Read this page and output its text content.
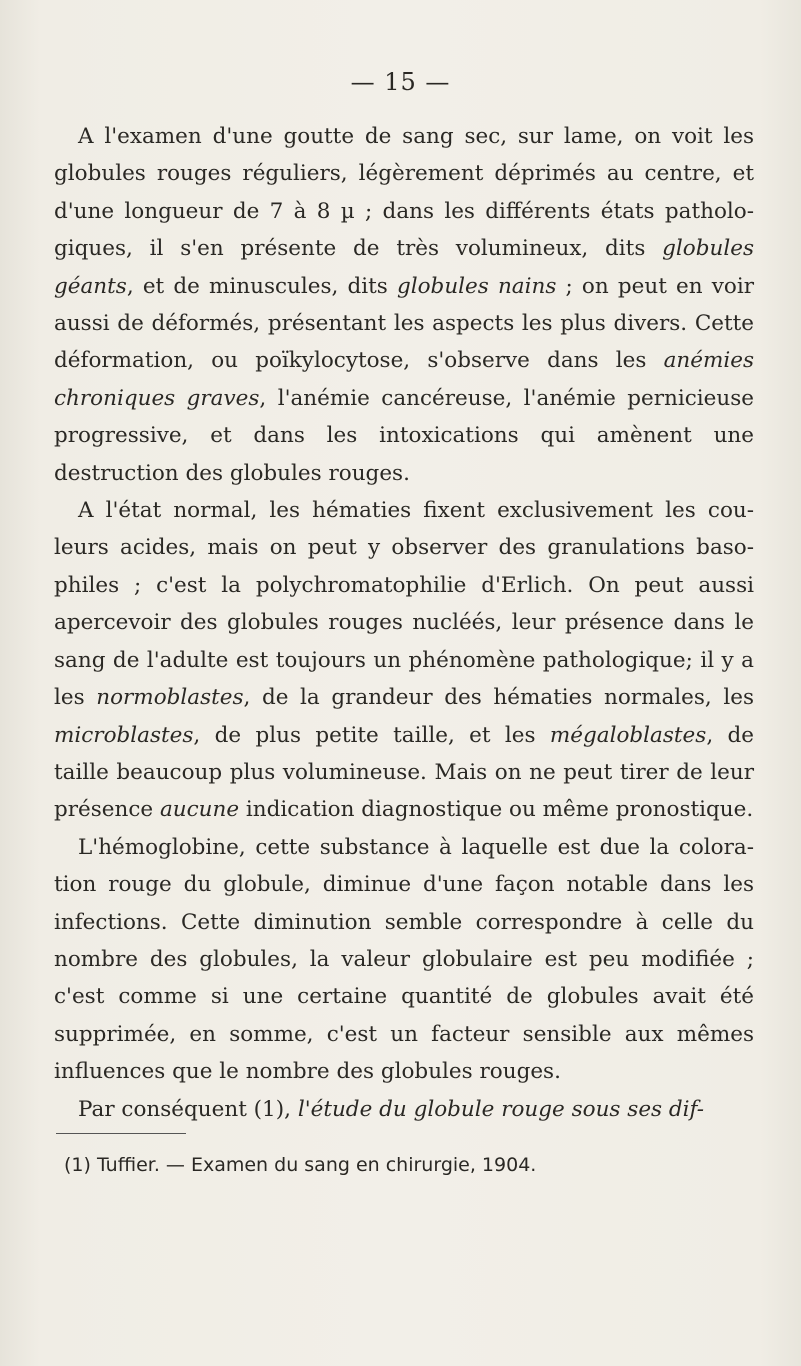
— 15 —

A l'examen d'une goutte de sang sec, sur lame, on voit les globules rouges réguliers, légèrement déprimés au centre, et d'une longueur de 7 à 8 µ ; dans les différents états pathologiques, il s'en présente de très volumineux, dits globules géants, et de minuscules, dits globules nains ; on peut en voir aussi de déformés, présentant les aspects les plus divers. Cette déformation, ou poïkylocytose, s'observe dans les anémies chroniques graves, l'anémie cancéreuse, l'anémie pernicieuse progressive, et dans les intoxications qui amènent une destruction des globules rouges.

A l'état normal, les hématies fixent exclusivement les couleurs acides, mais on peut y observer des granulations basophiles ; c'est la polychromatophilie d'Erlich. On peut aussi apercevoir des globules rouges nucléés, leur présence dans le sang de l'adulte est toujours un phénomène pathologique; il y a les normoblastes, de la grandeur des hématies normales, les microblastes, de plus petite taille, et les mégaloblastes, de taille beaucoup plus volumineuse. Mais on ne peut tirer de leur présence aucune indication diagnostique ou même pronostique.

L'hémoglobine, cette substance à laquelle est due la coloration rouge du globule, diminue d'une façon notable dans les infections. Cette diminution semble correspondre à celle du nombre des globules, la valeur globulaire est peu modifiée ; c'est comme si une certaine quantité de globules avait été supprimée, en somme, c'est un facteur sensible aux mêmes influences que le nombre des globules rouges.

Par conséquent (1), l'étude du globule rouge sous ses dif-

(1) Tuffier. — Examen du sang en chirurgie, 1904.
